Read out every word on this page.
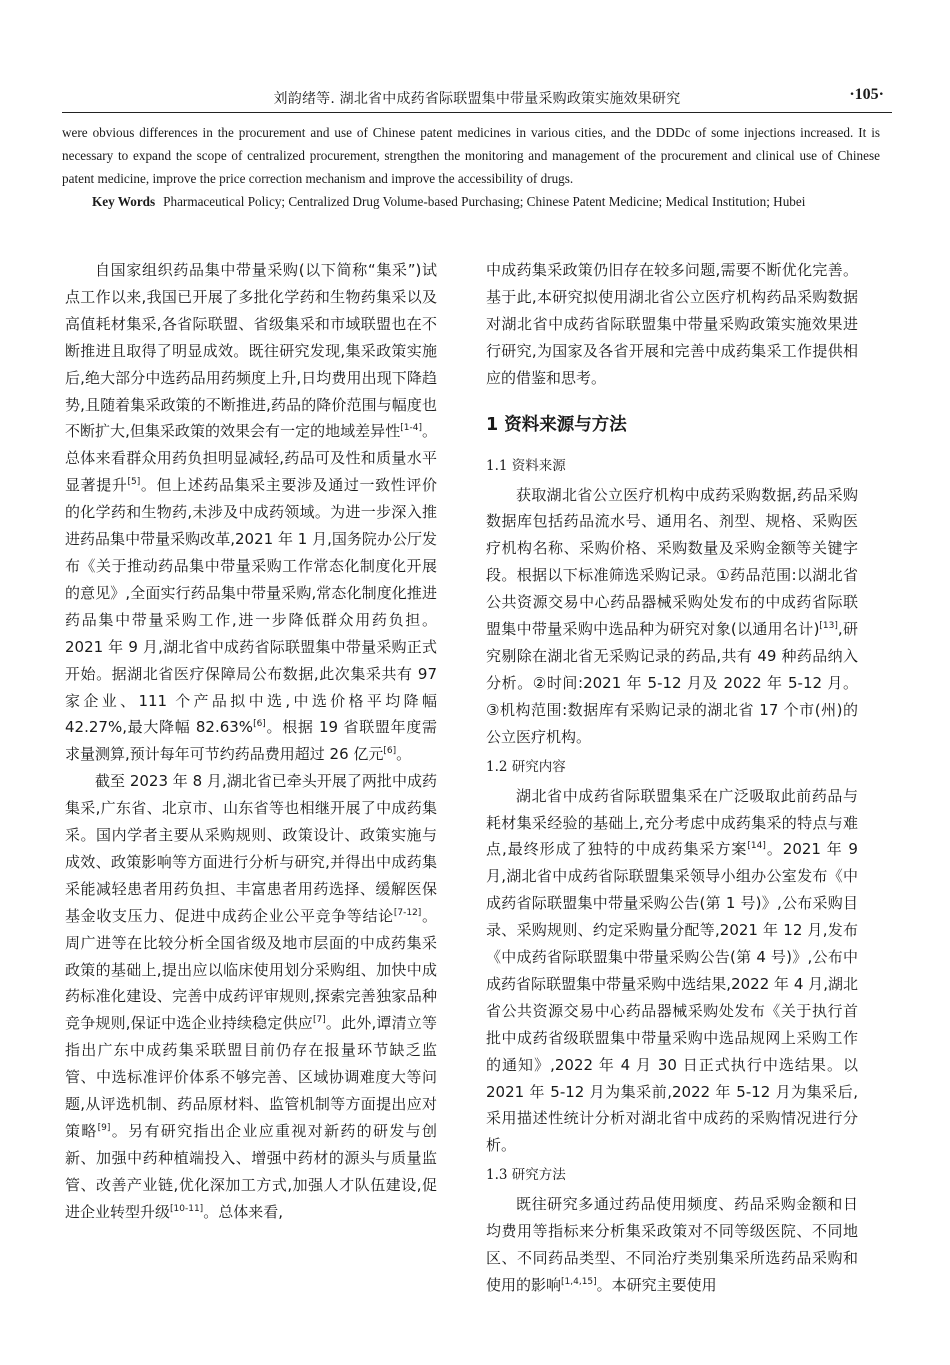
刘韵绪等. 湖北省中成药省际联盟集中带量采购政策实施效果研究	·105·

were obvious differences in the procurement and use of Chinese patent medicines in various cities, and the DDDc of some injections increased. It is necessary to expand the scope of centralized procurement, strengthen the monitoring and management of the procurement and clinical use of Chinese patent medicine, improve the price correction mechanism and improve the accessibility of drugs.

Key Words Pharmaceutical Policy; Centralized Drug Volume-based Purchasing; Chinese Patent Medicine; Medical Institution; Hubei

自国家组织药品集中带量采购(以下简称“集采”)试点工作以来,我国已开展了多批化学药和生物药集采以及高值耗材集采,各省际联盟、省级集采和市域联盟也在不断推进且取得了明显成效。既往研究发现,集采政策实施后,绝大部分中选药品用药频度上升,日均费用出现下降趋势,且随着集采政策的不断推进,药品的降价范围与幅度也不断扩大,但集采政策的效果会有一定的地域差异性[1-4]。总体来看群众用药负担明显减轻,药品可及性和质量水平显著提升[5]。但上述药品集采主要涉及通过一致性评价的化学药和生物药,未涉及中成药领域。为进一步深入推进药品集中带量采购改革,2021 年 1 月,国务院办公厅发布《关于推动药品集中带量采购工作常态化制度化开展的意见》,全面实行药品集中带量采购,常态化制度化推进药品集中带量采购工作,进一步降低群众用药负担。2021 年 9 月,湖北省中成药省际联盟集中带量采购正式开始。据湖北省医疗保障局公布数据,此次集采共有 97 家企业、111 个产品拟中选,中选价格平均降幅 42.27%,最大降幅 82.63%[6]。根据 19 省联盟年度需求量测算,预计每年可节约药品费用超过 26 亿元[6]。

截至 2023 年 8 月,湖北省已牵头开展了两批中成药集采,广东省、北京市、山东省等也相继开展了中成药集采。国内学者主要从采购规则、政策设计、政策实施与成效、政策影响等方面进行分析与研究,并得出中成药集采能减轻患者用药负担、丰富患者用药选择、缓解医保基金收支压力、促进中成药企业公平竞争等结论[7-12]。周广进等在比较分析全国省级及地市层面的中成药集采政策的基础上,提出应以临床使用划分采购组、加快中成药标准化建设、完善中成药评审规则,探索完善独家品种竞争规则,保证中选企业持续稳定供应[7]。此外,谭清立等指出广东中成药集采联盟目前仍存在报量环节缺乏监管、中选标准评价体系不够完善、区域协调难度大等问题,从评选机制、药品原材料、监管机制等方面提出应对策略[9]。另有研究指出企业应重视对新药的研发与创新、加强中药种植端投入、增强中药材的源头与质量监管、改善产业链,优化深加工方式,加强人才队伍建设,促进企业转型升级[10-11]。总体来看,

中成药集采政策仍旧存在较多问题,需要不断优化完善。基于此,本研究拟使用湖北省公立医疗机构药品采购数据对湖北省中成药省际联盟集中带量采购政策实施效果进行研究,为国家及各省开展和完善中成药集采工作提供相应的借鉴和思考。

1 资料来源与方法
1.1 资料来源

获取湖北省公立医疗机构中成药采购数据,药品采购数据库包括药品流水号、通用名、剂型、规格、采购医疗机构名称、采购价格、采购数量及采购金额等关键字段。根据以下标准筛选采购记录。①药品范围:以湖北省公共资源交易中心药品器械采购处发布的中成药省际联盟集中带量采购中选品种为研究对象(以通用名计)[13],研究剔除在湖北省无采购记录的药品,共有 49 种药品纳入分析。②时间:2021 年 5-12 月及 2022 年 5-12 月。③机构范围:数据库有采购记录的湖北省 17 个市(州)的公立医疗机构。

1.2 研究内容

湖北省中成药省际联盟集采在广泛吸取此前药品与耗材集采经验的基础上,充分考虑中成药集采的特点与难点,最终形成了独特的中成药集采方案[14]。2021 年 9 月,湖北省中成药省际联盟集采领导小组办公室发布《中成药省际联盟集中带量采购公告(第 1 号)》,公布采购目录、采购规则、约定采购量分配等,2021 年 12 月,发布《中成药省际联盟集中带量采购公告(第 4 号)》,公布中成药省际联盟集中带量采购中选结果,2022 年 4 月,湖北省公共资源交易中心药品器械采购处发布《关于执行首批中成药省级联盟集中带量采购中选品规网上采购工作的通知》,2022 年 4 月 30 日正式执行中选结果。以 2021 年 5-12 月为集采前,2022 年 5-12 月为集采后,采用描述性统计分析对湖北省中成药的采购情况进行分析。

1.3 研究方法

既往研究多通过药品使用频度、药品采购金额和日均费用等指标来分析集采政策对不同等级医院、不同地区、不同药品类型、不同治疗类别集采所选药品采购和使用的影响[1,4,15]。本研究主要使用
